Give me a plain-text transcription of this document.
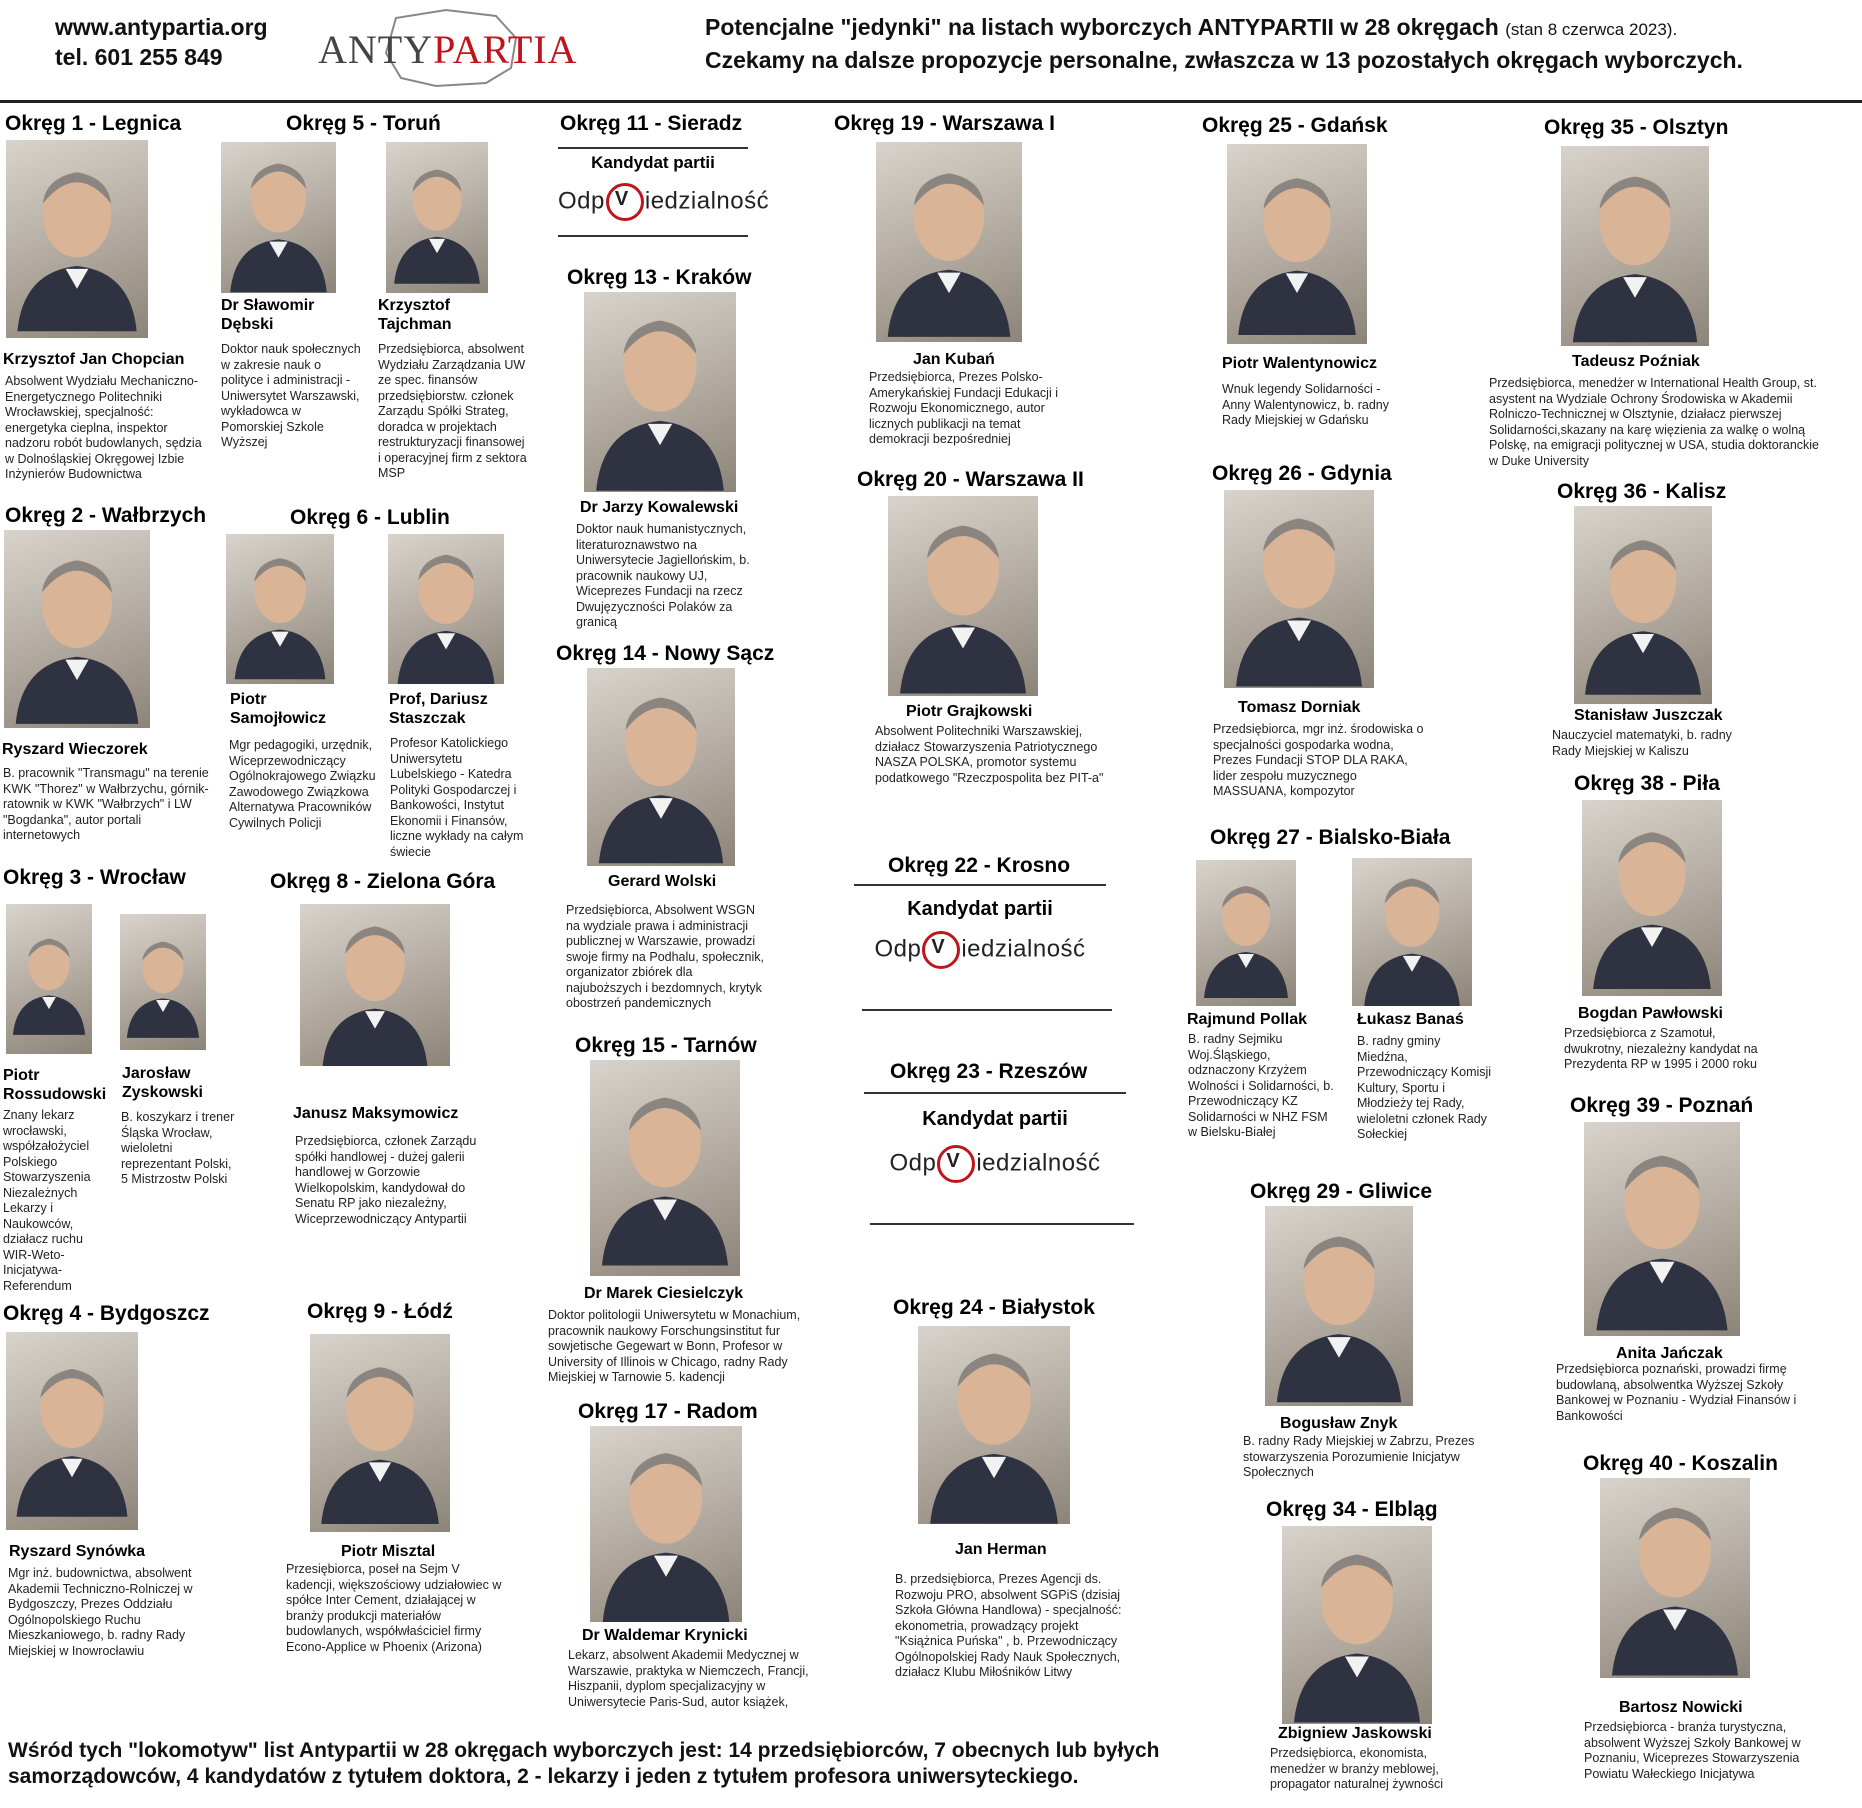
www.antypartia.org
tel. 601 255 849	ANTYPARTIA	Potencjalne "jedynki" na listach wyborczych ANTYPARTII w 28 okręgach (stan 8 czerwca 2023).
Czekamy na dalsze propozycje personalne, zwłaszcza w 13 pozostałych okręgach wyborczych.
Okręg 1 - Legnica
Krzysztof Jan Chopcian
Absolwent Wydziału Mechaniczno-Energetycznego Politechniki Wrocławskiej, specjalność: energetyka cieplna, inspektor nadzoru robót budowlanych, sędzia w Dolnośląskiej Okręgowej Izbie Inżynierów Budownictwa
Okręg 2 - Wałbrzych
Ryszard Wieczorek
B. pracownik "Transmagu" na terenie KWK "Thorez" w Wałbrzychu, górnik-ratownik w KWK "Wałbrzych" i LW "Bogdanka", autor portali internetowych
Okręg 3 - Wrocław
Piotr Rossudowski
Znany lekarz wrocławski, współzałożyciel Polskiego Stowarzyszenia Niezależnych Lekarzy i Naukowców, działacz ruchu WIR-Weto-Inicjatywa-Referendum
Jarosław Zyskowski
B. koszykarz i trener Śląska Wrocław, wieloletni reprezentant Polski, 5 Mistrzostw Polski
Okręg 4 - Bydgoszcz
Ryszard Synówka
Mgr inż. budownictwa, absolwent Akademii Techniczno-Rolniczej w Bydgoszczy, Prezes Oddziału Ogólnopolskiego Ruchu Mieszkaniowego, b. radny Rady Miejskiej w Inowrocławiu
Okręg 5 - Toruń
Dr Sławomir Dębski
Doktor nauk społecznych w zakresie nauk o polityce i administracji - Uniwersytet Warszawski, wykładowca w Pomorskiej Szkole Wyższej
Krzysztof Tajchman
Przedsiębiorca, absolwent Wydziału Zarządzania UW ze spec. finansów przedsiębiorstw. członek Zarządu Spółki Strateg, doradca w projektach restrukturyzacji finansowej i operacyjnej firm z sektora MSP
Okręg 6 - Lublin
Piotr Samojłowicz
Mgr pedagogiki, urzędnik, Wiceprzewodniczący Ogólnokrajowego Związku Zawodowego Związkowa Alternatywa Pracowników Cywilnych Policji
Prof, Dariusz Staszczak
Profesor Katolickiego Uniwersytetu Lubelskiego - Katedra Polityki Gospodarczej i Bankowości, Instytut Ekonomii i Finansów, liczne wykłady na całym świecie
Okręg 8 - Zielona Góra
Janusz Maksymowicz
Przedsiębiorca, członek Zarządu spółki handlowej - dużej galerii handlowej w Gorzowie Wielkopolskim, kandydował do Senatu RP jako niezależny, Wiceprzewodniczący Antypartii
Okręg 9 - Łódź
Piotr Misztal
Przesiębiorca, poseł na Sejm V kadencji, większościowy udziałowiec w spółce Inter Cement, działającej w branży produkcji materiałów budowlanych, współwłaściciel firmy Econo-Applice w Phoenix (Arizona)
Okręg 11 - Sieradz
Kandydat partii
Odp V iedzialność
Okręg 13 - Kraków
Dr Jarzy Kowalewski
Doktor nauk humanistycznych, literaturoznawstwo na Uniwersytecie Jagiellońskim, b. pracownik naukowy UJ, Wiceprezes Fundacji na rzecz Dwujęzyczności Polaków za granicą
Okręg 14 - Nowy Sącz
Gerard Wolski
Przedsiębiorca, Absolwent WSGN na wydziale prawa i administracji publicznej w Warszawie, prowadzi swoje firmy na Podhalu, społecznik, organizator zbiórek dla najuboższych i bezdomnych, krytyk obostrzeń pandemicznych
Okręg 15 - Tarnów
Dr Marek Ciesielczyk
Doktor politologii Uniwersytetu w Monachium, pracownik naukowy Forschungsinstitut fur sowjetische Gegewart w Bonn, Profesor w University of Illinois w Chicago, radny Rady Miejskiej w Tarnowie 5. kadencji
Okręg 17 - Radom
Dr Waldemar Krynicki
Lekarz, absolwent Akademii Medycznej w Warszawie, praktyka w Niemczech, Francji, Hiszpanii, dyplom specjalizacyjny w Uniwersytecie Paris-Sud, autor książek,
Okręg 19 - Warszawa I
Jan Kubań
Przedsiębiorca, Prezes Polsko-Amerykańskiej Fundacji Edukacji i Rozwoju Ekonomicznego, autor licznych publikacji na temat demokracji bezpośredniej
Okręg 20 - Warszawa II
Piotr Grajkowski
Absolwent Politechniki Warszawskiej, działacz Stowarzyszenia Patriotycznego NASZA POLSKA, promotor systemu podatkowego "Rzeczpospolita bez PIT-a"
Okręg 22 - Krosno
Kandydat partii
Odp V iedzialność
Okręg 23 - Rzeszów
Kandydat partii
Odp V iedzialność
Okręg 24 - Białystok
Jan Herman
B. przedsiębiorca, Prezes Agencji ds. Rozwoju PRO, absolwent SGPiS (dzisiaj Szkoła Główna Handlowa) - specjalność: ekonometria, prowadzący projekt "Książnica Puńska" , b. Przewodniczący Ogólnopolskiej Rady Nauk Społecznych, działacz Klubu Miłośników Litwy
Okręg 25 - Gdańsk
Piotr Walentynowicz
Wnuk legendy Solidarności - Anny Walentynowicz, b. radny Rady Miejskiej w Gdańsku
Okręg 26 - Gdynia
Tomasz Dorniak
Przedsiębiorca, mgr inż. środowiska o specjalności gospodarka wodna, Prezes Fundacji STOP DLA RAKA, lider zespołu muzycznego MASSUANA, kompozytor
Okręg 27 - Bialsko-Biała
Rajmund Pollak
B. radny Sejmiku Woj.Śląskiego, odznaczony Krzyżem Wolności i Solidarności, b. Przewodniczący KZ Solidarności w NHZ FSM w Bielsku-Białej
Łukasz Banaś
B. radny gminy Miedźna, Przewodniczący Komisji Kultury, Sportu i Młodzieży tej Rady, wieloletni członek Rady Sołeckiej
Okręg 29 - Gliwice
Bogusław Znyk
B. radny Rady Miejskiej w Zabrzu, Prezes stowarzyszenia Porozumienie Inicjatyw Społecznych
Okręg 34 - Elbląg
Zbigniew Jaskowski
Przedsiębiorca, ekonomista, menedżer w branży meblowej, propagator naturalnej żywności
Okręg 35 - Olsztyn
Tadeusz Poźniak
Przedsiębiorca, menedżer w International Health Group, st. asystent na Wydziale Ochrony Środowiska w Akademii Rolniczo-Technicznej w Olsztynie, działacz pierwszej Solidarności,skazany na karę więzienia za walkę o wolną Polskę, na emigracji politycznej w USA, studia doktoranckie w Duke University
Okręg 36 - Kalisz
Stanisław Juszczak
Nauczyciel matematyki, b. radny Rady Miejskiej w Kaliszu
Okręg 38 - Piła
Bogdan Pawłowski
Przedsiębiorca z Szamotuł, dwukrotny, niezależny kandydat na Prezydenta RP w 1995 i 2000 roku
Okręg 39 - Poznań
Anita Jańczak
Przedsiębiorca poznański, prowadzi firmę budowlaną, absolwentka Wyższej Szkoły Bankowej w Poznaniu - Wydział Finansów i Bankowości
Okręg 40 - Koszalin
Bartosz Nowicki
Przedsiębiorca - branża turystyczna, absolwent Wyższej Szkoły Bankowej w Poznaniu, Wiceprezes Stowarzyszenia Powiatu Wałeckiego Inicjatywa
Wśród tych "lokomotyw" list Antypartii w 28 okręgach wyborczych jest: 14 przedsiębiorców, 7 obecnych lub byłych
samorządowców, 4 kandydatów z tytułem doktora, 2 - lekarzy i jeden z tytułem profesora uniwersyteckiego.
